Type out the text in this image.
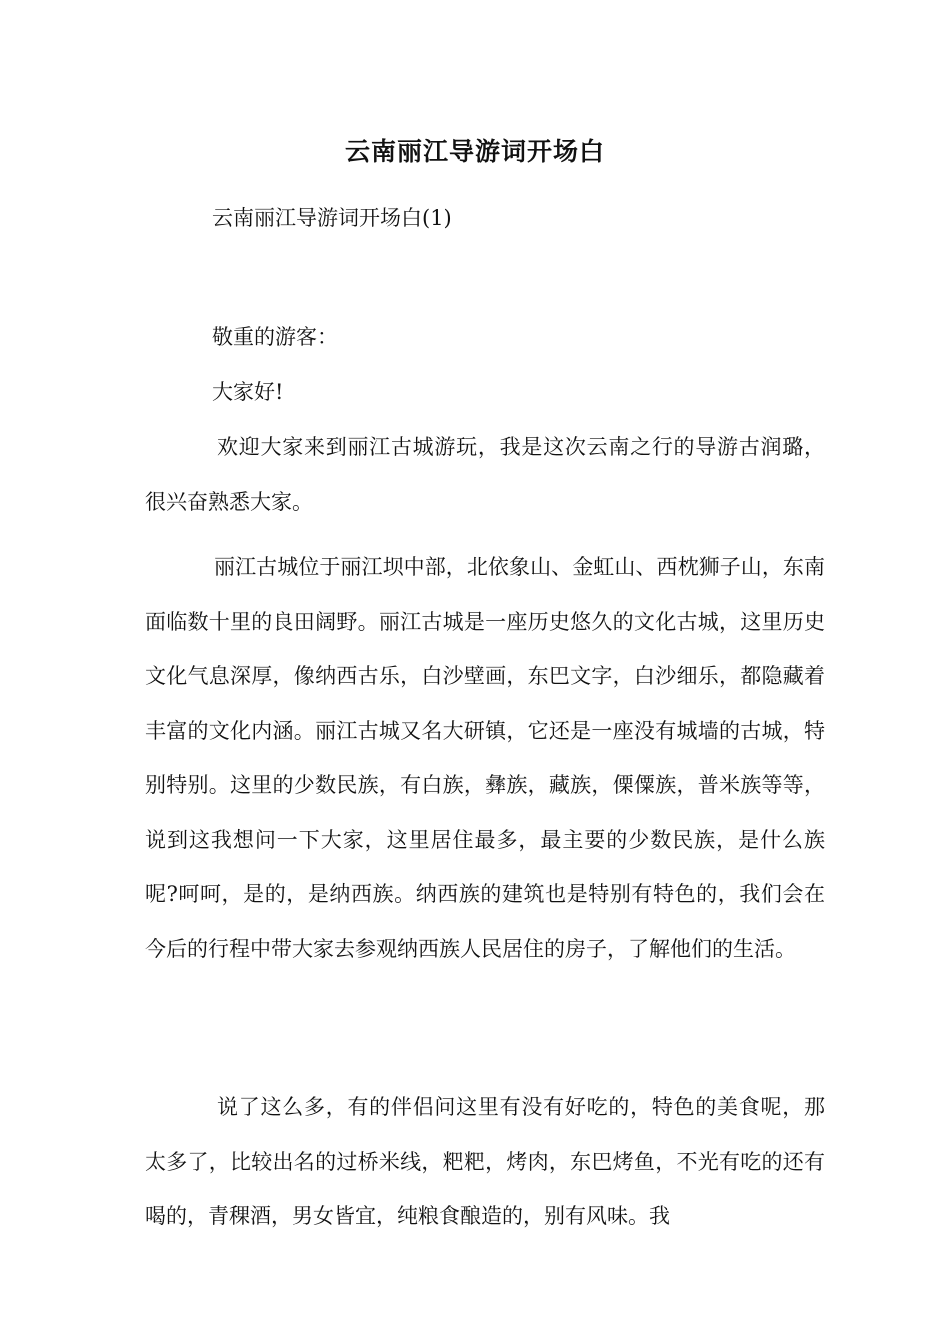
云南丽江导游词开场白
云南丽江导游词开场白(1)
敬重的游客：
大家好!
欢迎大家来到丽江古城游玩，我是这次云南之行的导游古润璐，很兴奋熟悉大家。
丽江古城位于丽江坝中部，北依象山、金虹山、西枕狮子山，东南面临数十里的良田阔野。丽江古城是一座历史悠久的文化古城，这里历史文化气息深厚，像纳西古乐，白沙壁画，东巴文字，白沙细乐，都隐藏着丰富的文化内涵。丽江古城又名大研镇，它还是一座没有城墙的古城，特别特别。这里的少数民族，有白族，彝族，藏族，傈僳族，普米族等等，说到这我想问一下大家，这里居住最多，最主要的少数民族，是什么族呢?呵呵，是的，是纳西族。纳西族的建筑也是特别有特色的，我们会在今后的行程中带大家去参观纳西族人民居住的房子，了解他们的生活。
说了这么多，有的伴侣问这里有没有好吃的，特色的美食呢，那太多了，比较出名的过桥米线，粑粑，烤肉，东巴烤鱼，不光有吃的还有喝的，青稞酒，男女皆宜，纯粮食酿造的，别有风味。我
